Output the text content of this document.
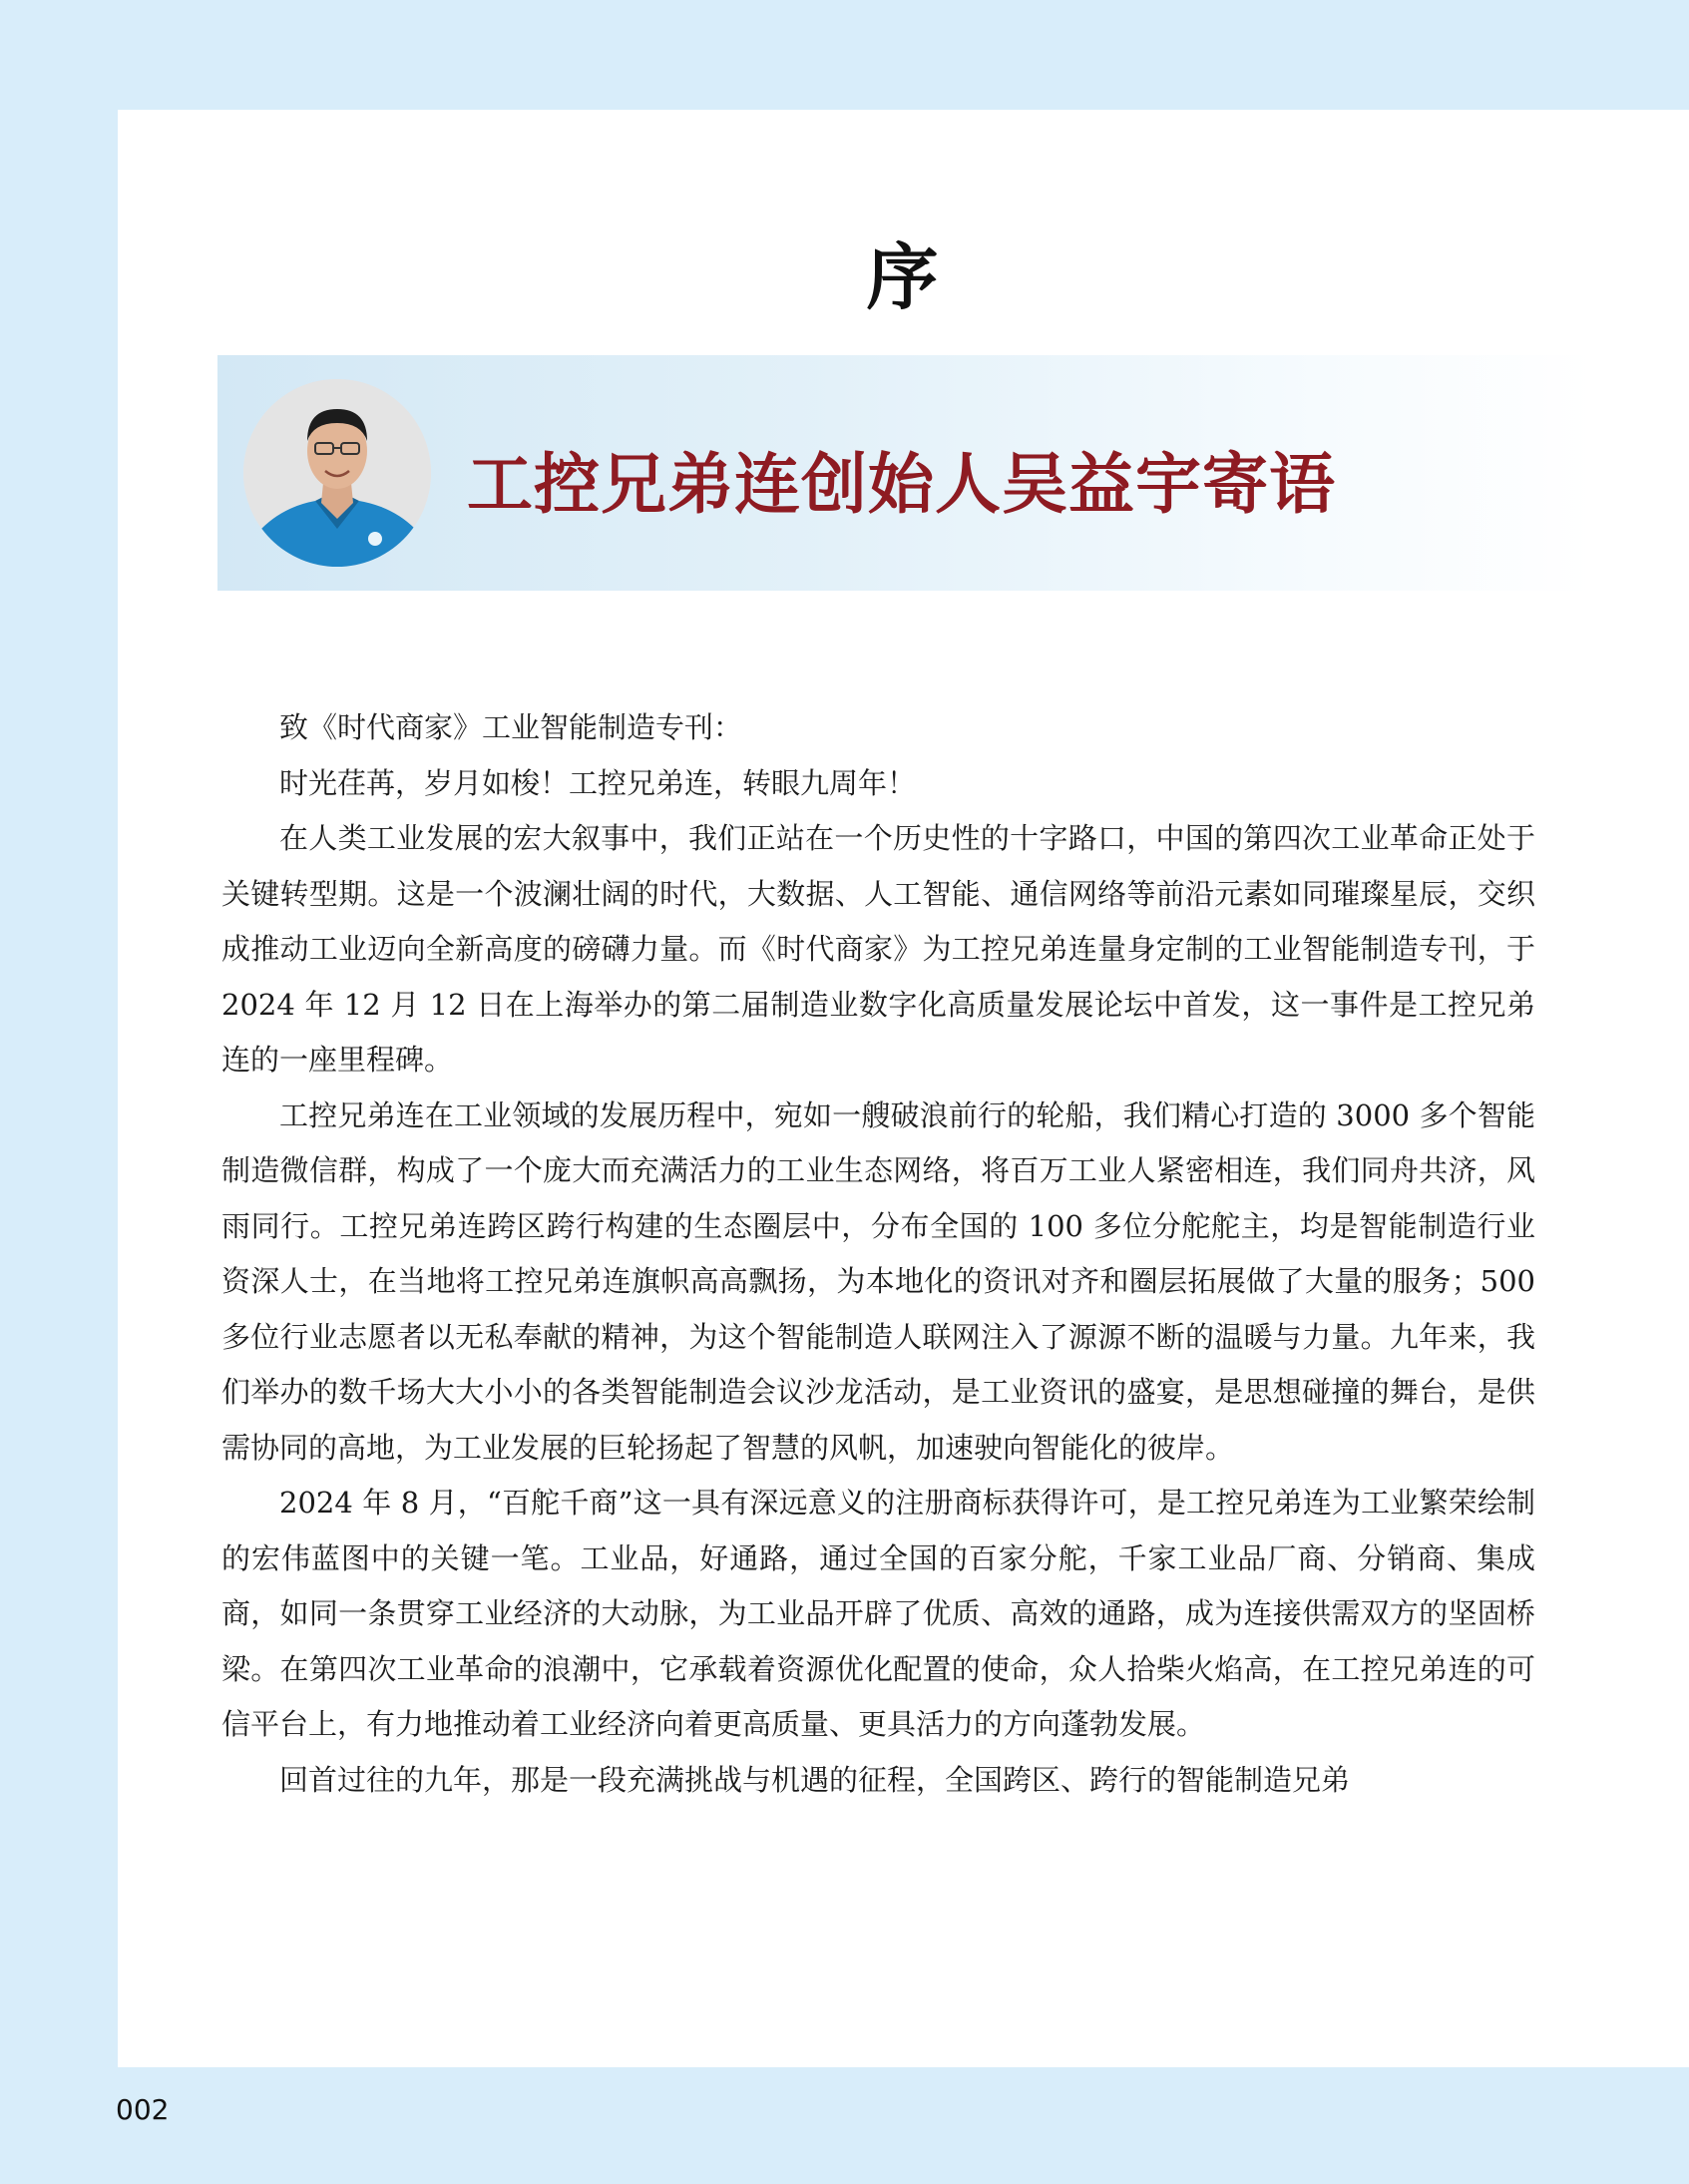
序
工控兄弟连创始人吴益宇寄语

致《时代商家》工业智能制造专刊：

时光荏苒，岁月如梭！工控兄弟连，转眼九周年！

在人类工业发展的宏大叙事中，我们正站在一个历史性的十字路口，中国的第四次工业革命正处于关键转型期。这是一个波澜壮阔的时代，大数据、人工智能、通信网络等前沿元素如同璀璨星辰，交织成推动工业迈向全新高度的磅礴力量。而《时代商家》为工控兄弟连量身定制的工业智能制造专刊，于 2024 年 12 月 12 日在上海举办的第二届制造业数字化高质量发展论坛中首发，这一事件是工控兄弟连的一座里程碑。

工控兄弟连在工业领域的发展历程中，宛如一艘破浪前行的轮船，我们精心打造的 3000 多个智能制造微信群，构成了一个庞大而充满活力的工业生态网络，将百万工业人紧密相连，我们同舟共济，风雨同行。工控兄弟连跨区跨行构建的生态圈层中，分布全国的 100 多位分舵舵主，均是智能制造行业资深人士，在当地将工控兄弟连旗帜高高飘扬，为本地化的资讯对齐和圈层拓展做了大量的服务；500 多位行业志愿者以无私奉献的精神，为这个智能制造人联网注入了源源不断的温暖与力量。九年来，我们举办的数千场大大小小的各类智能制造会议沙龙活动，是工业资讯的盛宴，是思想碰撞的舞台，是供需协同的高地，为工业发展的巨轮扬起了智慧的风帆，加速驶向智能化的彼岸。

2024 年 8 月，“百舵千商”这一具有深远意义的注册商标获得许可，是工控兄弟连为工业繁荣绘制的宏伟蓝图中的关键一笔。工业品，好通路，通过全国的百家分舵，千家工业品厂商、分销商、集成商，如同一条贯穿工业经济的大动脉，为工业品开辟了优质、高效的通路，成为连接供需双方的坚固桥梁。在第四次工业革命的浪潮中，它承载着资源优化配置的使命，众人拾柴火焰高，在工控兄弟连的可信平台上，有力地推动着工业经济向着更高质量、更具活力的方向蓬勃发展。

回首过往的九年，那是一段充满挑战与机遇的征程，全国跨区、跨行的智能制造兄弟

002
